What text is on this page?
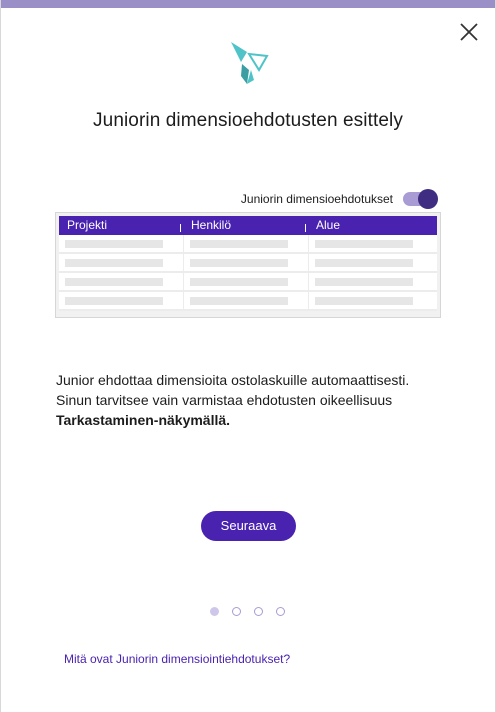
Juniorin dimensioehdotusten esittely
Juniorin dimensioehdotukset
Projekti	Henkilö	Alue
Junior ehdottaa dimensioita ostolaskuille automaattisesti.
Sinun tarvitsee vain varmistaa ehdotusten oikeellisuus
Tarkastaminen-näkymällä.
Seuraava
Mitä ovat Juniorin dimensiointiehdotukset?
